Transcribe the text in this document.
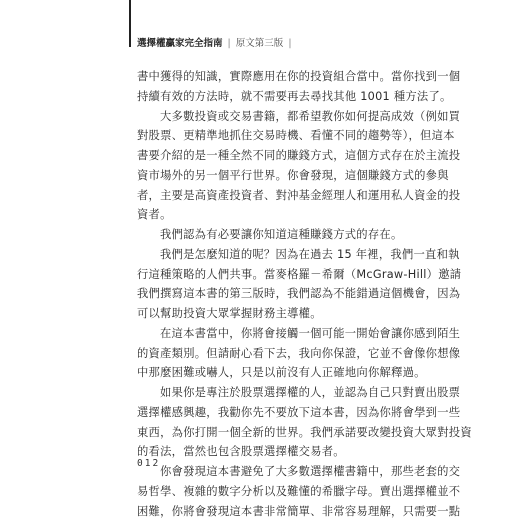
選擇權贏家完全指南 | 原文第三版 |
書中獲得的知識，實際應用在你的投資組合當中。當你找到一個
持續有效的方法時，就不需要再去尋找其他 1001 種方法了。
大多數投資或交易書籍，都希望教你如何提高成效（例如買
對股票、更精準地抓住交易時機、看懂不同的趨勢等），但這本
書要介紹的是一種全然不同的賺錢方式，這個方式存在於主流投
資市場外的另一個平行世界。你會發現，這個賺錢方式的參與
者，主要是高資產投資者、對沖基金經理人和運用私人資金的投
資者。
我們認為有必要讓你知道這種賺錢方式的存在。
我們是怎麼知道的呢？因為在過去 15 年裡，我們一直和執
行這種策略的人們共事。當麥格羅－希爾（McGraw-Hill）邀請
我們撰寫這本書的第三版時，我們認為不能錯過這個機會，因為
可以幫助投資大眾掌握財務主導權。
在這本書當中，你將會接觸一個可能一開始會讓你感到陌生
的資產類別。但請耐心看下去，我向你保證，它並不會像你想像
中那麼困難或嚇人，只是以前沒有人正確地向你解釋過。
如果你是專注於股票選擇權的人，並認為自己只對賣出股票
選擇權感興趣，我勸你先不要放下這本書，因為你將會學到一些
東西，為你打開一個全新的世界。我們承諾要改變投資大眾對投資
的看法，當然也包含股票選擇權交易者。
你會發現這本書避免了大多數選擇權書籍中，那些老套的交
易哲學、複雜的數字分析以及難懂的希臘字母。賣出選擇權並不
困難，你將會發現這本書非常簡單、非常容易理解，只需要一點
012
